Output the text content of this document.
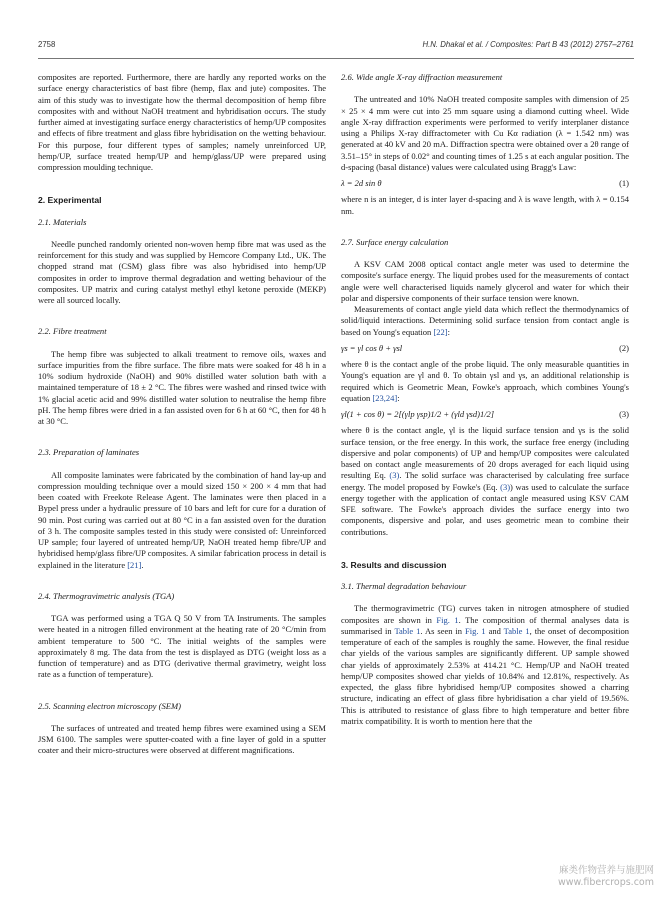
2758	H.N. Dhakal et al. / Composites: Part B 43 (2012) 2757–2761

composites are reported. Furthermore, there are hardly any reported works on the surface energy characteristics of bast fibre (hemp, flax and jute) composites. The aim of this study was to investigate how the thermal decomposition of hemp fibre composites with and without NaOH treatment and hybridisation occurs. The study further aimed at investigating surface energy characteristics of hemp/UP composites and effects of fibre treatment and glass fibre hybridisation on the wetting behaviour. For this purpose, four different types of samples; namely unreinforced UP, hemp/UP, surface treated hemp/UP and hemp/glass/UP were prepared using compression moulding technique.

2. Experimental
2.1. Materials

Needle punched randomly oriented non-woven hemp fibre mat was used as the reinforcement for this study and was supplied by Hemcore Company Ltd., UK. The chopped strand mat (CSM) glass fibre was also hybridised into hemp/UP composites in order to improve thermal degradation and wetting behaviour of the composites. UP matrix and curing catalyst methyl ethyl ketone peroxide (MEKP) were all sourced locally.

2.2. Fibre treatment

The hemp fibre was subjected to alkali treatment to remove oils, waxes and surface impurities from the fibre surface. The fibre mats were soaked for 48 h in a 10% sodium hydroxide (NaOH) and 90% distilled water solution bath with a maintained temperature of 18 ± 2 °C. The fibres were washed and rinsed twice with 1% glacial acetic acid and 99% distilled water solution to neutralise the hemp fibre pH. The hemp fibres were dried in a fan assisted oven for 6 h at 60 °C, then for 48 h at 30 °C.

2.3. Preparation of laminates

All composite laminates were fabricated by the combination of hand lay-up and compression moulding technique over a mould sized 150 × 200 × 4 mm that had been coated with Freekote Release Agent. The laminates were then placed in a Bypel press under a hydraulic pressure of 10 bars and left for cure for a duration of 90 min. Post curing was carried out at 80 °C in a fan assisted oven for the duration of 3 h. The composite samples tested in this study were consisted of: Unreinforced UP sample; four layered of untreated hemp/UP, NaOH treated hemp fibre/UP and hybridised hemp/glass fibre/UP composites. A similar fabrication process in detail is explained in the literature [21].

2.4. Thermogravimetric analysis (TGA)

TGA was performed using a TGA Q 50 V from TA Instruments. The samples were heated in a nitrogen filled environment at the heating rate of 20 °C/min from ambient temperature to 500 °C. The initial weights of the samples were approximately 8 mg. The data from the test is displayed as DTG (weight loss as a function of temperature) and as DTG (derivative thermal gravimetry, weight loss rate as a function of temperature).

2.5. Scanning electron microscopy (SEM)

The surfaces of untreated and treated hemp fibres were examined using a SEM JSM 6100. The samples were sputter-coated with a fine layer of gold in a sputter coater and their micro-structures were observed at different magnifications.

2.6. Wide angle X-ray diffraction measurement

The untreated and 10% NaOH treated composite samples with dimension of 25 × 25 × 4 mm were cut into 25 mm square using a diamond cutting wheel. Wide angle X-ray diffraction experiments were performed to verify interplaner distance using a Philips X-ray diffractometer with Cu Kα radiation (λ = 1.542 nm) was generated at 40 kV and 20 mA. Diffraction spectra were obtained over a 2θ range of 3.51–15° in steps of 0.02° and counting times of 1.25 s at each angular position. The d-spacing (basal distance) values were calculated using Bragg's Law:

λ = 2d sin θ	(1)

where n is an integer, d is inter layer d-spacing and λ is wave length, with λ = 0.154 nm.

2.7. Surface energy calculation

A KSV CAM 2008 optical contact angle meter was used to determine the composite's surface energy. The liquid probes used for the measurements of contact angle were well characterised liquids namely glycerol and water for which their polar and dispersive components of their surface tension were known.

Measurements of contact angle yield data which reflect the thermodynamics of solid/liquid interactions. Determining solid surface tension from contact angle is based on Young's equation [22]:

γs = γl cos θ + γsl	(2)

where θ is the contact angle of the probe liquid. The only measurable quantities in Young's equation are γl and θ. To obtain γsl and γs, an additional relationship is required which is Geometric Mean, Fowke's approach, which combines Young's equation [23,24]:

γl(1 + cos θ) = 2[(γlp γsp)1/2 + (γld γsd)1/2]	(3)

where θ is the contact angle, γl is the liquid surface tension and γs is the solid surface tension, or the free energy. In this work, the surface free energy (including dispersive and polar components) of UP and hemp/UP composites were calculated based on contact angle measurements of 20 drops averaged for each liquid using resulting Eq. (3). The solid surface was characterised by calculating free surface energy. The model proposed by Fowke's (Eq. (3)) was used to calculate the surface energy together with the application of contact angle measured using KSV CAM SFE software. The Fowke's approach divides the surface energy into two components, dispersive and polar, and uses geometric mean to combine their contributions.

3. Results and discussion
3.1. Thermal degradation behaviour

The thermogravimetric (TG) curves taken in nitrogen atmosphere of studied composites are shown in Fig. 1. The composition of thermal analyses data is summarised in Table 1. As seen in Fig. 1 and Table 1, the onset of decomposition temperature of each of the samples is roughly the same. However, the final residue char yields of the various samples are significantly different. UP sample showed char yields of approximately 2.53% at 414.21 °C. Hemp/UP and NaOH treated hemp/UP composites showed char yields of 10.84% and 12.81%, respectively. As expected, the glass fibre hybridised hemp/UP composites showed a charring structure, indicating an effect of glass fibre hybridisation a char yield of 19.56%. This is attributed to resistance of glass fibre to high temperature and better fibre matrix compatibility. It is worth to mention here that the

麻类作物营养与施肥网
www.fibercrops.com
